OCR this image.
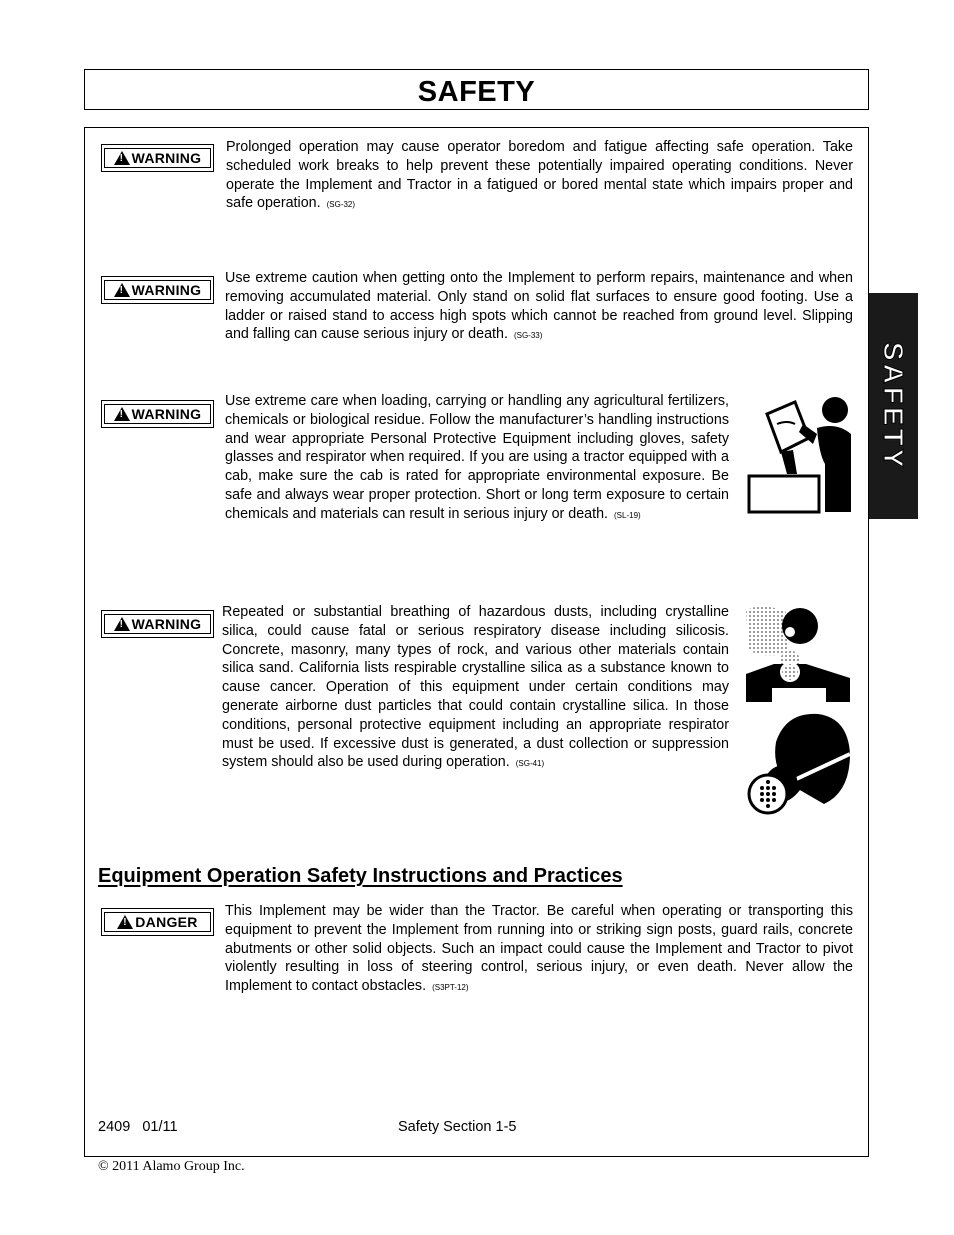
SAFETY
SAFETY
!
WARNING
Prolonged operation may cause operator boredom and fatigue affecting safe operation. Take scheduled work breaks to help prevent these potentially impaired operating conditions. Never operate the Implement and Tractor in a fatigued or bored mental state which impairs proper and safe operation. (SG-32)
!
WARNING
Use extreme caution when getting onto the Implement to perform repairs, maintenance and when removing accumulated material. Only stand on solid flat surfaces to ensure good footing. Use a ladder or raised stand to access high spots which cannot be reached from ground level. Slipping and falling can cause serious injury or death. (SG-33)
!
WARNING
Use extreme care when loading, carrying or handling any agricultural fertilizers, chemicals or biological residue. Follow the manufacturer’s handling instructions and wear appropriate Personal Protective Equipment including gloves, safety glasses and respirator when required. If you are using a tractor equipped with a cab, make sure the cab is rated for appropriate environmental exposure. Be safe and always wear proper protection. Short or long term exposure to certain chemicals and materials can result in serious injury or death. (SL-19)
!
WARNING
Repeated or substantial breathing of hazardous dusts, including crystalline silica, could cause fatal or serious respiratory disease including silicosis. Concrete, masonry, many types of rock, and various other materials contain silica sand. California lists respirable crystalline silica as a substance known to cause cancer. Operation of this equipment under certain conditions may generate airborne dust particles that could contain crystalline silica. In those conditions, personal protective equipment including an appropriate respirator must be used. If excessive dust is generated, a dust collection or suppression system should also be used during operation. (SG-41)
Equipment Operation Safety Instructions and Practices
!
DANGER
This Implement may be wider than the Tractor. Be careful when operating or transporting this equipment to prevent the Implement from running into or striking sign posts, guard rails, concrete abutments or other solid objects. Such an impact could cause the Implement and Tractor to pivot violently resulting in loss of steering control, serious injury, or even death. Never allow the Implement to contact obstacles. (S3PT-12)
2409   01/11	Safety Section 1-5
© 2011 Alamo Group Inc.
